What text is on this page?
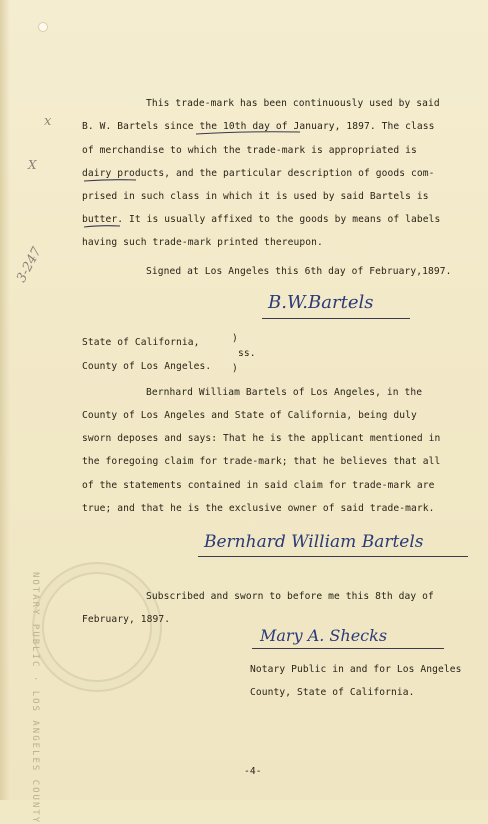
x
X
3-247
This trade-mark has been continuously used by said
B. W. Bartels since the 10th day of January, 1897. The class
of merchandise to which the trade-mark is appropriated is
dairy products, and the particular description of goods com-
prised in such class in which it is used by said Bartels is
butter. It is usually affixed to the goods by means of labels
having such trade-mark printed thereupon.
Signed at Los Angeles this 6th day of February,1897.
B.W.Bartels
State of California,	)
ss.
County of Los Angeles. )
Bernhard William Bartels of Los Angeles, in the
County of Los Angeles and State of California, being duly
sworn deposes and says: That he is the applicant mentioned in
the foregoing claim for trade-mark; that he believes that all
of the statements contained in said claim for trade-mark are
true; and that he is the exclusive owner of said trade-mark.
Bernhard William Bartels
NOTARY PUBLIC · LOS ANGELES COUNTY	Subscribed and sworn to before me this 8th day of
February, 1897.
Mary A. Shecks
Notary Public in and for Los Angeles
County, State of California.
-4-
